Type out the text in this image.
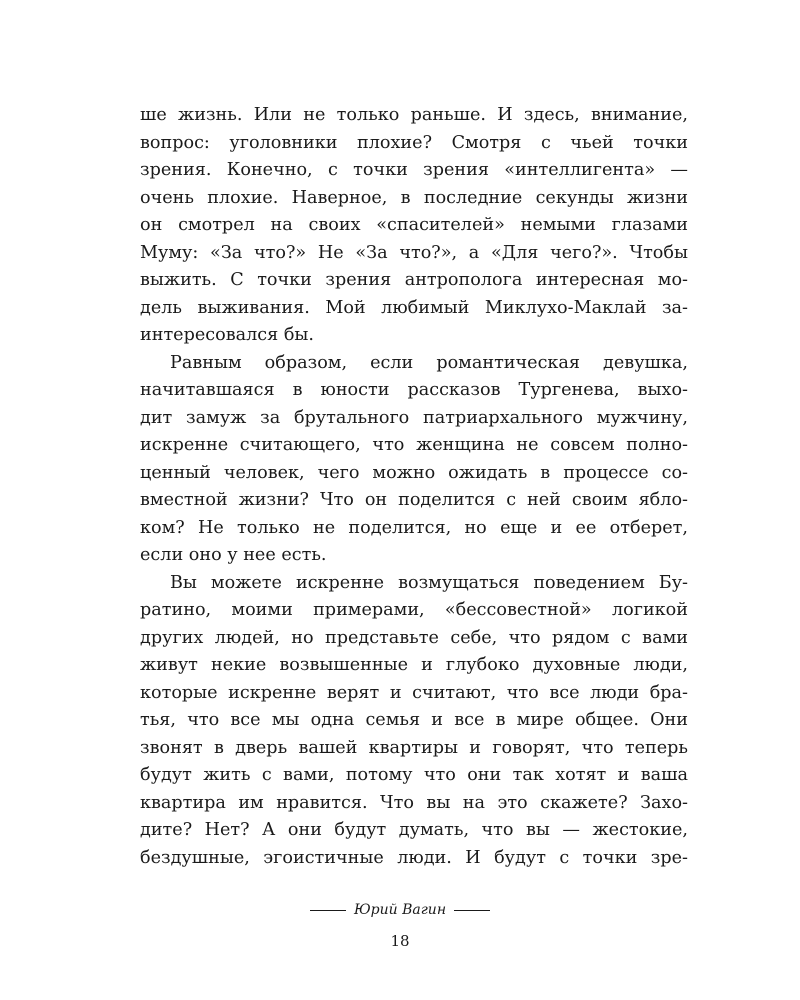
ше жизнь. Или не только раньше. И здесь, внимание,
вопрос: уголовники плохие? Смотря с чьей точки
зрения. Конечно, с точки зрения «интеллигента» —
очень плохие. Наверное, в последние секунды жизни
он смотрел на своих «спасителей» немыми глазами
Муму: «За что?» Не «За что?», а «Для чего?». Чтобы
выжить. С точки зрения антрополога интересная мо-
дель выживания. Мой любимый Миклухо-Маклай за-
интересовался бы.
Равным образом, если романтическая девушка,
начитавшаяся в юности рассказов Тургенева, выхо-
дит замуж за брутального патриархального мужчину,
искренне считающего, что женщина не совсем полно-
ценный человек, чего можно ожидать в процессе со-
вместной жизни? Что он поделится с ней своим ябло-
ком? Не только не поделится, но еще и ее отберет,
если оно у нее есть.
Вы можете искренне возмущаться поведением Бу-
ратино, моими примерами, «бессовестной» логикой
других людей, но представьте себе, что рядом с вами
живут некие возвышенные и глубоко духовные люди,
которые искренне верят и считают, что все люди бра-
тья, что все мы одна семья и все в мире общее. Они
звонят в дверь вашей квартиры и говорят, что теперь
будут жить с вами, потому что они так хотят и ваша
квартира им нравится. Что вы на это скажете? Захо-
дите? Нет? А они будут думать, что вы — жестокие,
бездушные, эгоистичные люди. И будут с точки зре-
Юрий Вагин
18
